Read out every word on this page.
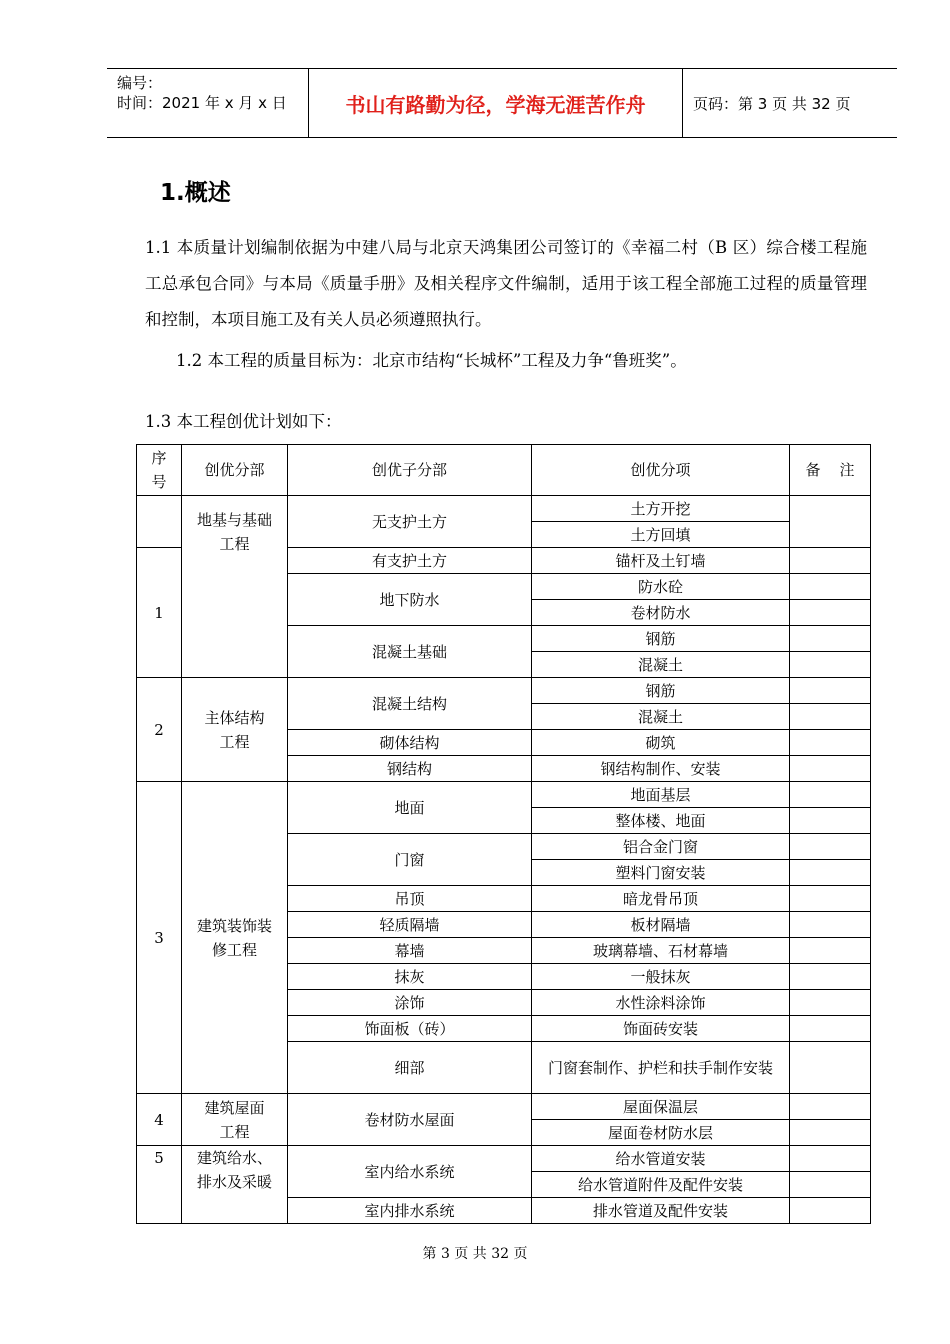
编号：
时间：2021 年 x 月 x 日	书山有路勤为径，学海无涯苦作舟	页码：第 3 页 共 32 页
1.概述
1.1 本质量计划编制依据为中建八局与北京天鸿集团公司签订的《幸福二村（B 区）综合楼工程施工总承包合同》与本局《质量手册》及相关程序文件编制，适用于该工程全部施工过程的质量管理和控制，本项目施工及有关人员必须遵照执行。
1.2 本工程的质量目标为：北京市结构“长城杯”工程及力争“鲁班奖”。
1.3 本工程创优计划如下：
序号	创优分部	创优子分部	创优分项	备    注
	地基与基础工程	无支护土方	土方开挖	
			土方回填	
1		有支护土方	锚杆及土钉墙	
		地下防水	防水砼	
			卷材防水	
		混凝土基础	钢筋	
			混凝土	
2	主体结构工程	混凝土结构	钢筋	
			混凝土	
		砌体结构	砌筑	
		钢结构	钢结构制作、安装	
3	建筑装饰装修工程	地面	地面基层	
			整体楼、地面	
		门窗	铝合金门窗	
			塑料门窗安装	
		吊顶	暗龙骨吊顶	
		轻质隔墙	板材隔墙	
		幕墙	玻璃幕墙、石材幕墙	
		抹灰	一般抹灰	
		涂饰	水性涂料涂饰	
		饰面板（砖）	饰面砖安装	
		细部	门窗套制作、护栏和扶手制作安装	

4	建筑屋面工程	卷材防水屋面	屋面保温层	
			屋面卷材防水层	
5	建筑给水、排水及采暖	室内给水系统	给水管道安装	
			给水管道附件及配件安装	
		室内排水系统	排水管道及配件安装	
第 3 页 共 32 页
